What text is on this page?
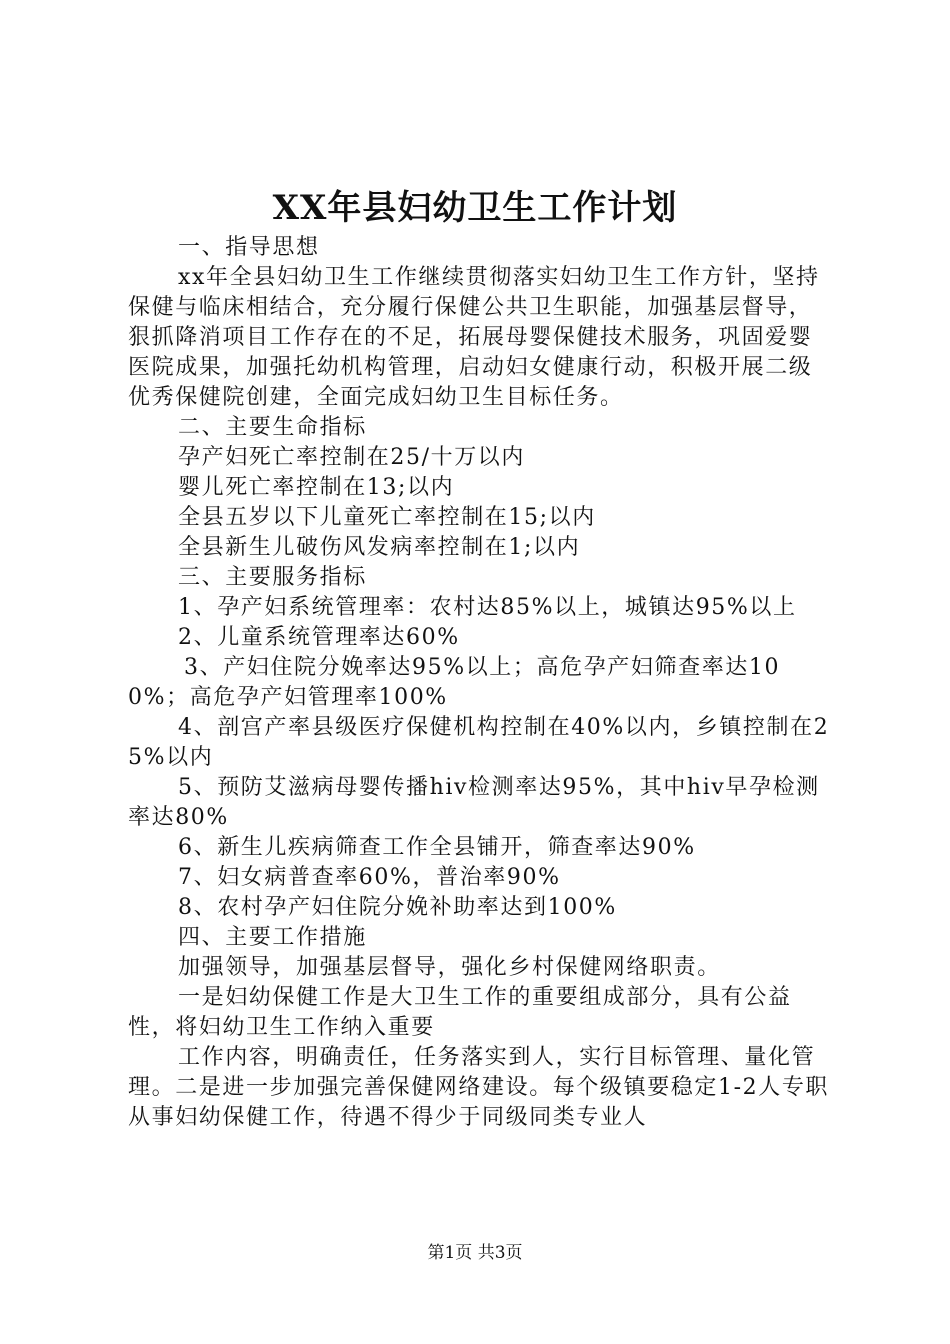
XX年县妇幼卫生工作计划

一、指导思想

xx年全县妇幼卫生工作继续贯彻落实妇幼卫生工作方针，坚持保健与临床相结合，充分履行保健公共卫生职能，加强基层督导，狠抓降消项目工作存在的不足，拓展母婴保健技术服务，巩固爱婴医院成果，加强托幼机构管理，启动妇女健康行动，积极开展二级优秀保健院创建，全面完成妇幼卫生目标任务。

二、主要生命指标

孕产妇死亡率控制在25/十万以内

婴儿死亡率控制在13;以内

全县五岁以下儿童死亡率控制在15;以内

全县新生儿破伤风发病率控制在1;以内

三、主要服务指标

1、孕产妇系统管理率：农村达85%以上，城镇达95%以上

2、儿童系统管理率达60%

3、产妇住院分娩率达95%以上；高危孕产妇筛查率达100%；高危孕产妇管理率100%

4、剖宫产率县级医疗保健机构控制在40%以内，乡镇控制在25%以内

5、预防艾滋病母婴传播hiv检测率达95%，其中hiv早孕检测率达80%

6、新生儿疾病筛查工作全县铺开，筛查率达90%

7、妇女病普查率60%，普治率90%

8、农村孕产妇住院分娩补助率达到100%

四、主要工作措施

加强领导，加强基层督导，强化乡村保健网络职责。

一是妇幼保健工作是大卫生工作的重要组成部分，具有公益性，将妇幼卫生工作纳入重要

工作内容，明确责任，任务落实到人，实行目标管理、量化管理。二是进一步加强完善保健网络建设。每个级镇要稳定1-2人专职从事妇幼保健工作，待遇不得少于同级同类专业人

第1页 共3页
